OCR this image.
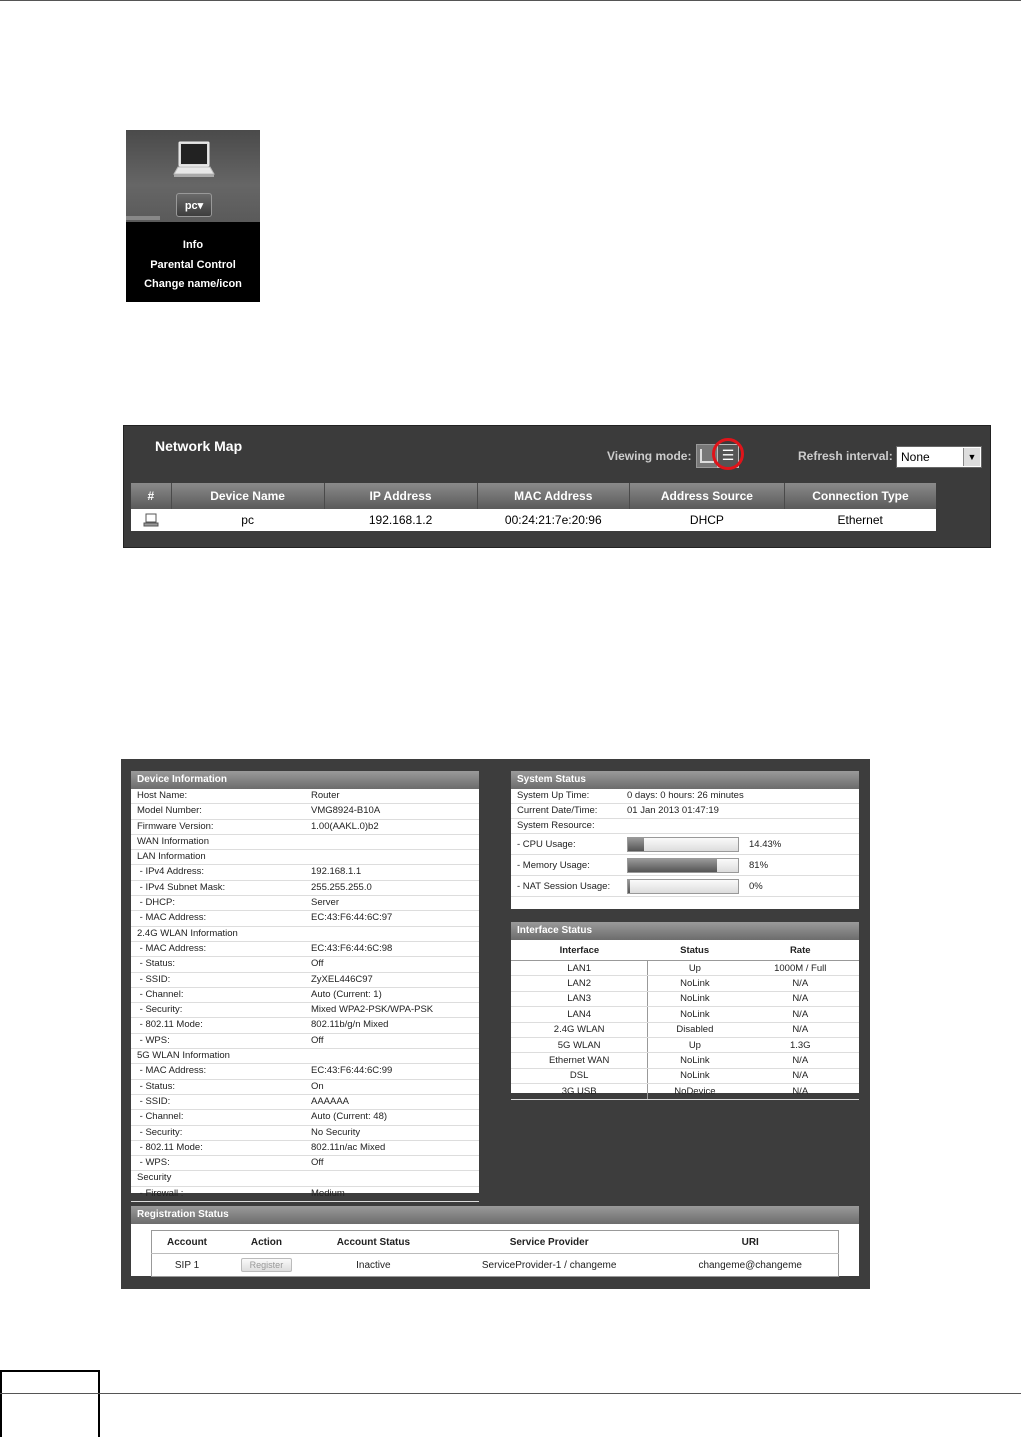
pc▾
Info
Parental Control
Change name/icon
Network Map
Viewing mode:	☰	Refresh interval: None	▼
#	Device Name	IP Address	MAC Address	Address Source	Connection Type
	pc	192.168.1.2	00:24:21:7e:20:96	DHCP	Ethernet
Device Information
Host Name:	Router
Model Number:	VMG8924-B10A
Firmware Version:	1.00(AAKL.0)b2
WAN Information
LAN Information
- IPv4 Address:	192.168.1.1
- IPv4 Subnet Mask:	255.255.255.0
- DHCP:	Server
- MAC Address:	EC:43:F6:44:6C:97
2.4G WLAN Information
- MAC Address:	EC:43:F6:44:6C:98
- Status:	Off
- SSID:	ZyXEL446C97
- Channel:	Auto (Current: 1)
- Security:	Mixed WPA2-PSK/WPA-PSK
- 802.11 Mode:	802.11b/g/n Mixed
- WPS:	Off
5G WLAN Information
- MAC Address:	EC:43:F6:44:6C:99
- Status:	On
- SSID:	AAAAAA
- Channel:	Auto (Current: 48)
- Security:	No Security
- 802.11 Mode:	802.11n/ac Mixed
- WPS:	Off
Security
- Firewall :	Medium
System Status
System Up Time:	0 days: 0 hours: 26 minutes
Current Date/Time:	01 Jan 2013 01:47:19
System Resource:
- CPU Usage:	14.43%
- Memory Usage:	81%
- NAT Session Usage:	0%
Interface Status
Interface	Status	Rate
LAN1	Up	1000M / Full
LAN2	NoLink	N/A
LAN3	NoLink	N/A
LAN4	NoLink	N/A
2.4G WLAN	Disabled	N/A
5G WLAN	Up	1.3G
Ethernet WAN	NoLink	N/A
DSL	NoLink	N/A
3G USB	NoDevice	N/A
Registration Status
Account	Action	Account Status	Service Provider	URI
SIP 1	Register	Inactive	ServiceProvider-1 / changeme	changeme@changeme
